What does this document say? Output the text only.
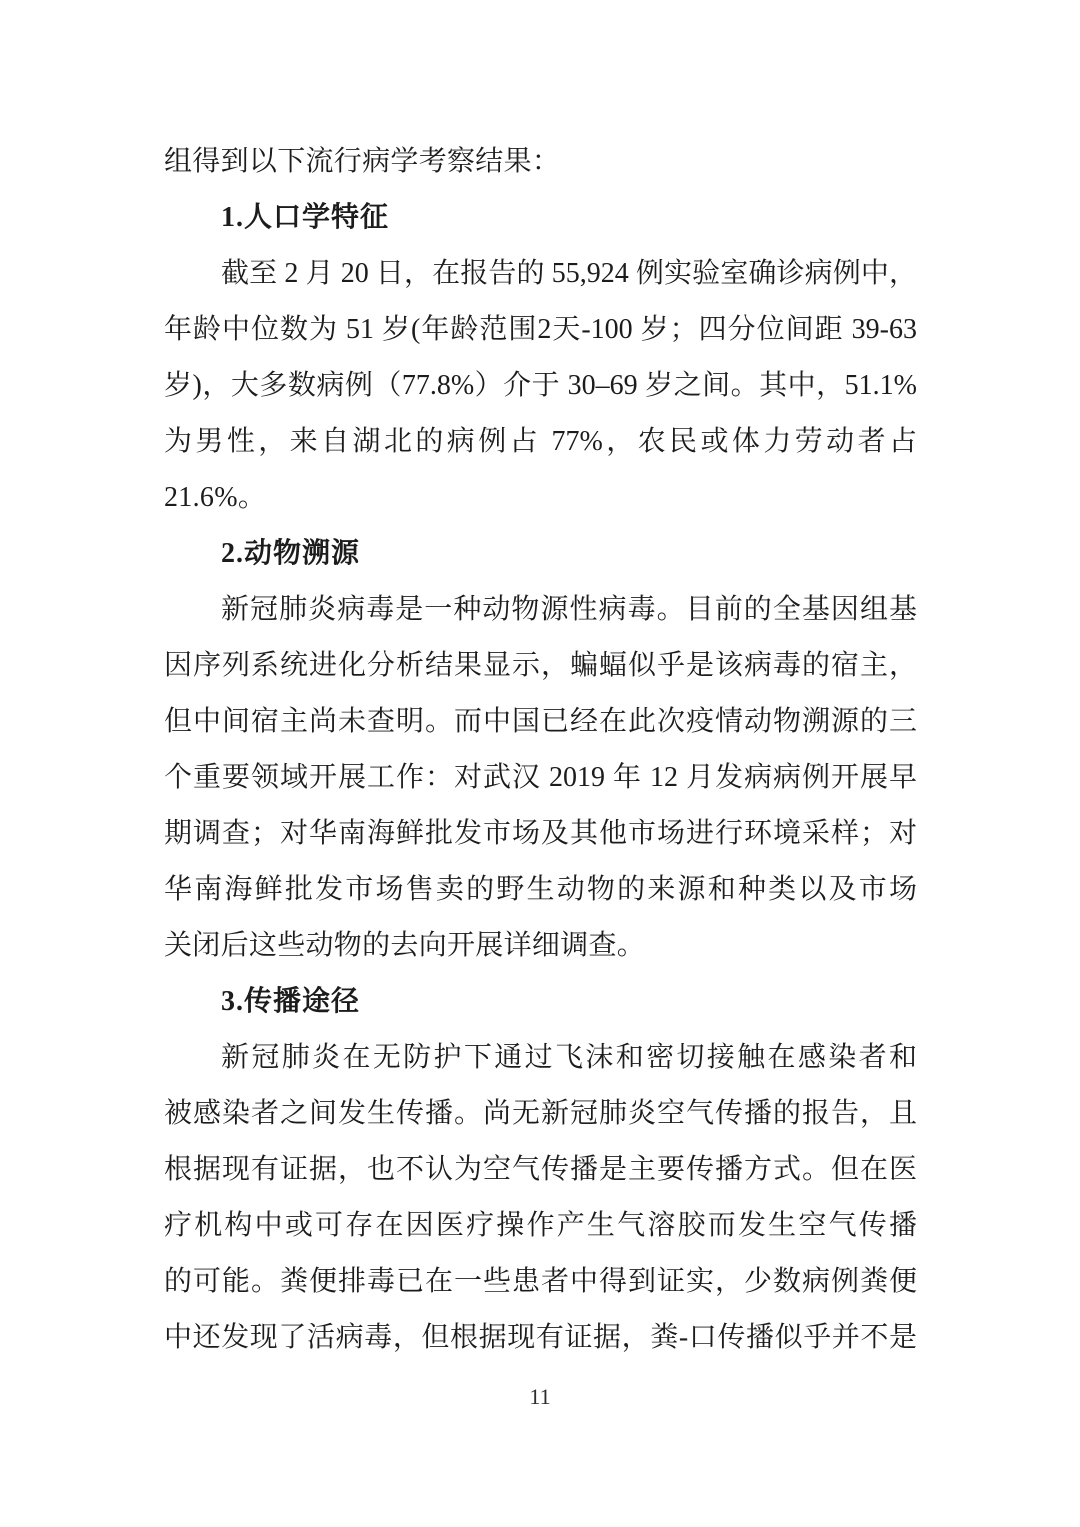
组得到以下流行病学考察结果：
1.人口学特征
截至 2 月 20 日，在报告的 55,924 例实验室确诊病例中，
年龄中位数为 51 岁(年龄范围2天-100 岁；四分位间距 39-63
岁)，大多数病例（77.8%）介于 30–69 岁之间。其中，51.1%
为男性，来自湖北的病例占 77%，农民或体力劳动者占
21.6%。
2.动物溯源
新冠肺炎病毒是一种动物源性病毒。目前的全基因组基
因序列系统进化分析结果显示，蝙蝠似乎是该病毒的宿主，
但中间宿主尚未查明。而中国已经在此次疫情动物溯源的三
个重要领域开展工作：对武汉 2019 年 12 月发病病例开展早
期调查；对华南海鲜批发市场及其他市场进行环境采样；对
华南海鲜批发市场售卖的野生动物的来源和种类以及市场
关闭后这些动物的去向开展详细调查。
3.传播途径
新冠肺炎在无防护下通过飞沫和密切接触在感染者和
被感染者之间发生传播。尚无新冠肺炎空气传播的报告，且
根据现有证据，也不认为空气传播是主要传播方式。但在医
疗机构中或可存在因医疗操作产生气溶胶而发生空气传播
的可能。粪便排毒已在一些患者中得到证实，少数病例粪便
中还发现了活病毒，但根据现有证据，粪-口传播似乎并不是
11
